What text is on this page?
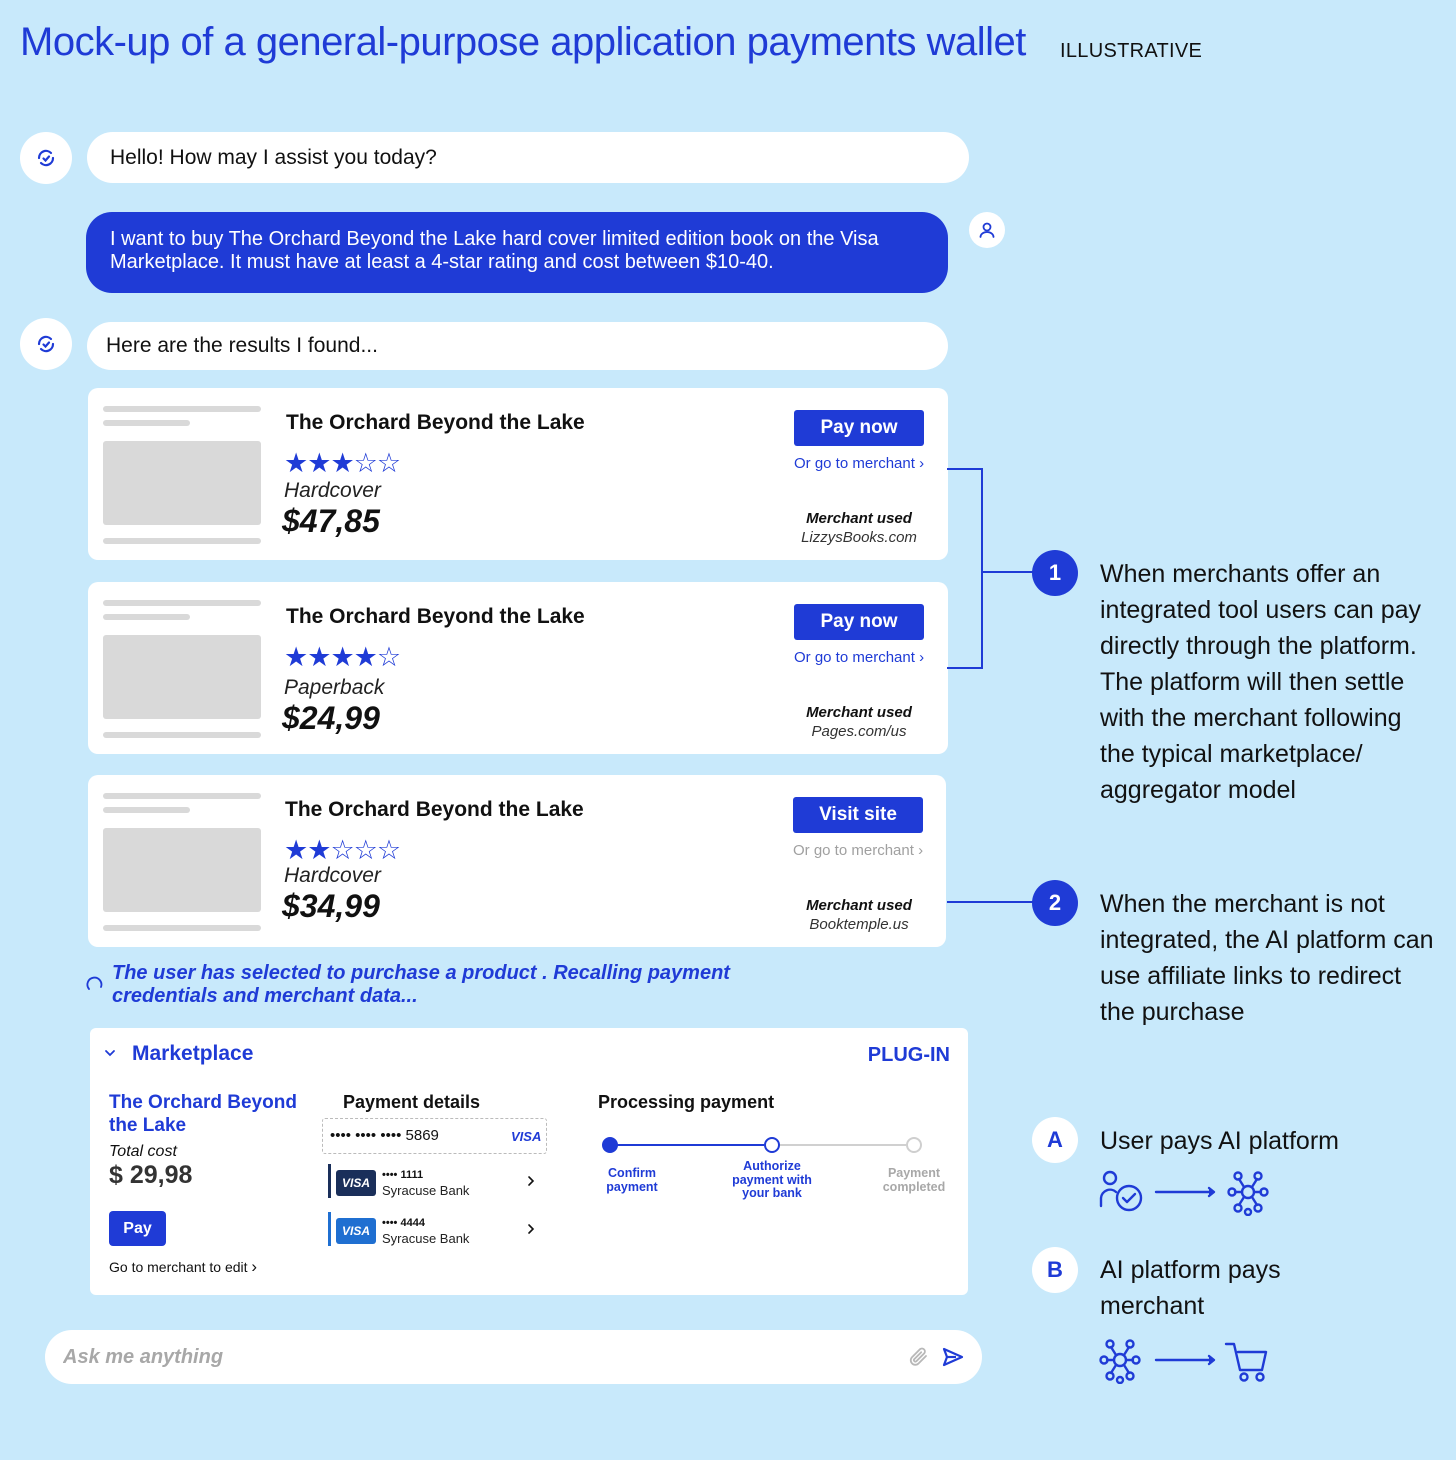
Mock-up of a general-purpose application payments wallet ILLUSTRATIVE
Hello! How may I assist you today?
I want to buy The Orchard Beyond the Lake hard cover limited edition book on the Visa Marketplace. It must have at least a 4-star rating and cost between $10-40.
Here are the results I found...
The Orchard Beyond the Lake
★★★☆☆
Hardcover
$47,85
Pay now
Or go to merchant ›
Merchant used
LizzysBooks.com
The Orchard Beyond the Lake
★★★★☆
Paperback
$24,99
Pay now
Or go to merchant ›
Merchant used
Pages.com/us
The Orchard Beyond the Lake
★★☆☆☆
Hardcover
$34,99
Visit site
Or go to merchant ›
Merchant used
Booktemple.us
1	When merchants offer an integrated tool users can pay directly through the platform. The platform will then settle with the merchant following the typical marketplace/ aggregator model
2	When the merchant is not integrated, the AI platform can use affiliate links to redirect the purchase
A	User pays AI platform
B	AI platform pays merchant
The user has selected to purchase a product . Recalling payment credentials and merchant data...
Marketplace	PLUG-IN
The Orchard Beyond the Lake
Total cost
$ 29,98
Pay
Go to merchant to edit ›
Payment details
•••• •••• •••• 5869	VISA
VISA
•••• 1111
Syracuse Bank
VISA
•••• 4444
Syracuse Bank
Processing payment
Confirm payment
Authorize payment with your bank
Payment completed
Ask me anything
